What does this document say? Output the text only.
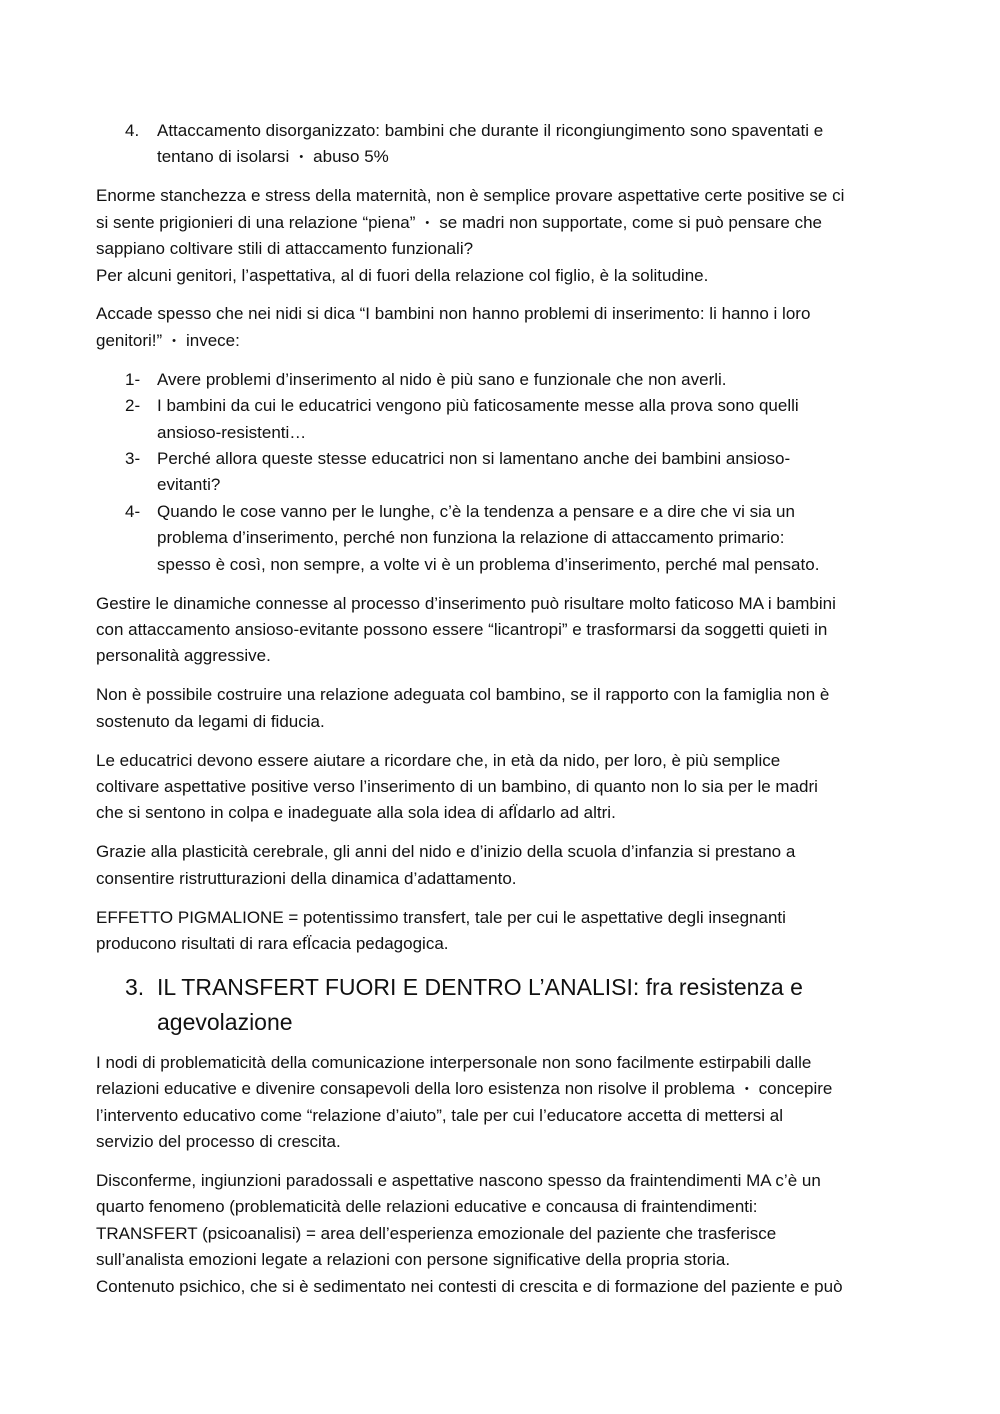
4. Attaccamento disorganizzato: bambini che durante il ricongiungimento sono spaventati e
tentano di isolarsi • abuso 5%

Enorme stanchezza e stress della maternità, non è semplice provare aspettative certe positive se ci
si sente prigionieri di una relazione “piena” • se madri non supportate, come si può pensare che
sappiano coltivare stili di attaccamento funzionali?
Per alcuni genitori, l’aspettativa, al di fuori della relazione col figlio, è la solitudine.

Accade spesso che nei nidi si dica “I bambini non hanno problemi di inserimento: li hanno i loro
genitori!” • invece:

1- Avere problemi d’inserimento al nido è più sano e funzionale che non averli.
2- I bambini da cui le educatrici vengono più faticosamente messe alla prova sono quelli
ansioso-resistenti…
3- Perché allora queste stesse educatrici non si lamentano anche dei bambini ansioso-
evitanti?
4- Quando le cose vanno per le lunghe, c’è la tendenza a pensare e a dire che vi sia un
problema d’inserimento, perché non funziona la relazione di attaccamento primario:
spesso è così, non sempre, a volte vi è un problema d’inserimento, perché mal pensato.

Gestire le dinamiche connesse al processo d’inserimento può risultare molto faticoso MA i bambini
con attaccamento ansioso-evitante possono essere “licantropi” e trasformarsi da soggetti quieti in
personalità aggressive.

Non è possibile costruire una relazione adeguata col bambino, se il rapporto con la famiglia non è
sostenuto da legami di fiducia.

Le educatrici devono essere aiutare a ricordare che, in età da nido, per loro, è più semplice
coltivare aspettative positive verso l’inserimento di un bambino, di quanto non lo sia per le madri
che si sentono in colpa e inadeguate alla sola idea di afÏdarlo ad altri.

Grazie alla plasticità cerebrale, gli anni del nido e d’inizio della scuola d’infanzia si prestano a
consentire ristrutturazioni della dinamica d’adattamento.

EFFETTO PIGMALIONE = potentissimo transfert, tale per cui le aspettative degli insegnanti
producono risultati di rara efÏcacia pedagogica.

3. IL TRANSFERT FUORI E DENTRO L’ANALISI: fra resistenza e
agevolazione

I nodi di problematicità della comunicazione interpersonale non sono facilmente estirpabili dalle
relazioni educative e divenire consapevoli della loro esistenza non risolve il problema • concepire
l’intervento educativo come “relazione d’aiuto”, tale per cui l’educatore accetta di mettersi al
servizio del processo di crescita.

Disconferme, ingiunzioni paradossali e aspettative nascono spesso da fraintendimenti MA c’è un
quarto fenomeno (problematicità delle relazioni educative e concausa di fraintendimenti:
TRANSFERT (psicoanalisi) = area dell’esperienza emozionale del paziente che trasferisce
sull’analista emozioni legate a relazioni con persone significative della propria storia.
Contenuto psichico, che si è sedimentato nei contesti di crescita e di formazione del paziente e può
